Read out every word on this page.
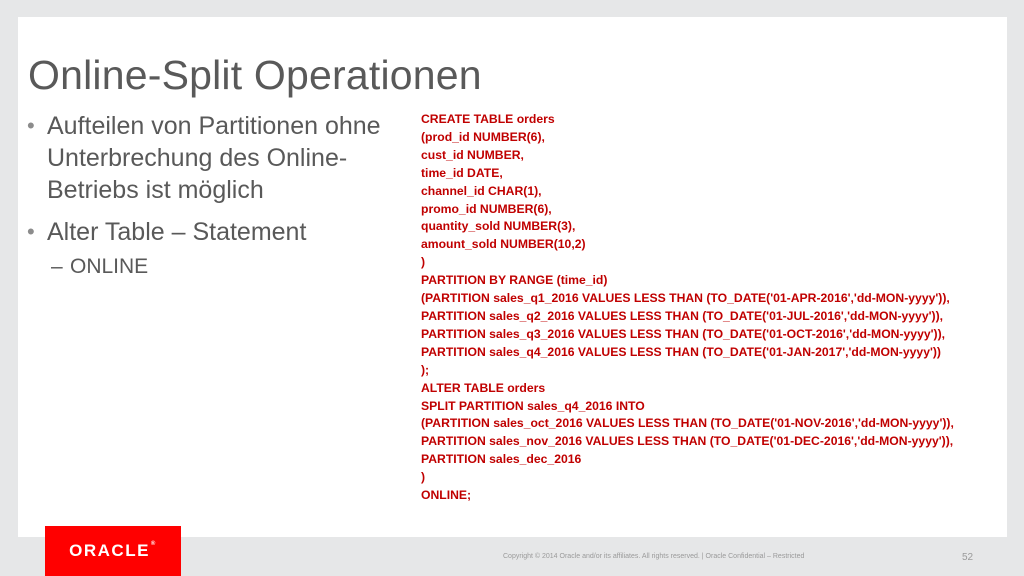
Online-Split Operationen
• Aufteilen von Partitionen ohne Unterbrechung des Online-Betriebs ist möglich
• Alter Table – Statement
– ONLINE
CREATE TABLE orders
(prod_id NUMBER(6),
cust_id NUMBER,
time_id DATE,
channel_id CHAR(1),
promo_id NUMBER(6),
quantity_sold NUMBER(3),
amount_sold NUMBER(10,2)
)
PARTITION BY RANGE (time_id)
(PARTITION sales_q1_2016 VALUES LESS THAN (TO_DATE('01-APR-2016','dd-MON-yyyy')),
PARTITION sales_q2_2016 VALUES LESS THAN (TO_DATE('01-JUL-2016','dd-MON-yyyy')),
PARTITION sales_q3_2016 VALUES LESS THAN (TO_DATE('01-OCT-2016','dd-MON-yyyy')),
PARTITION sales_q4_2016 VALUES LESS THAN (TO_DATE('01-JAN-2017','dd-MON-yyyy'))
);
ALTER TABLE orders
SPLIT PARTITION sales_q4_2016 INTO
(PARTITION sales_oct_2016 VALUES LESS THAN (TO_DATE('01-NOV-2016','dd-MON-yyyy')),
PARTITION sales_nov_2016 VALUES LESS THAN (TO_DATE('01-DEC-2016','dd-MON-yyyy')),
PARTITION sales_dec_2016
)
ONLINE;
ORACLE®
Copyright © 2014 Oracle and/or its affiliates. All rights reserved. | Oracle Confidential – Restricted	52
